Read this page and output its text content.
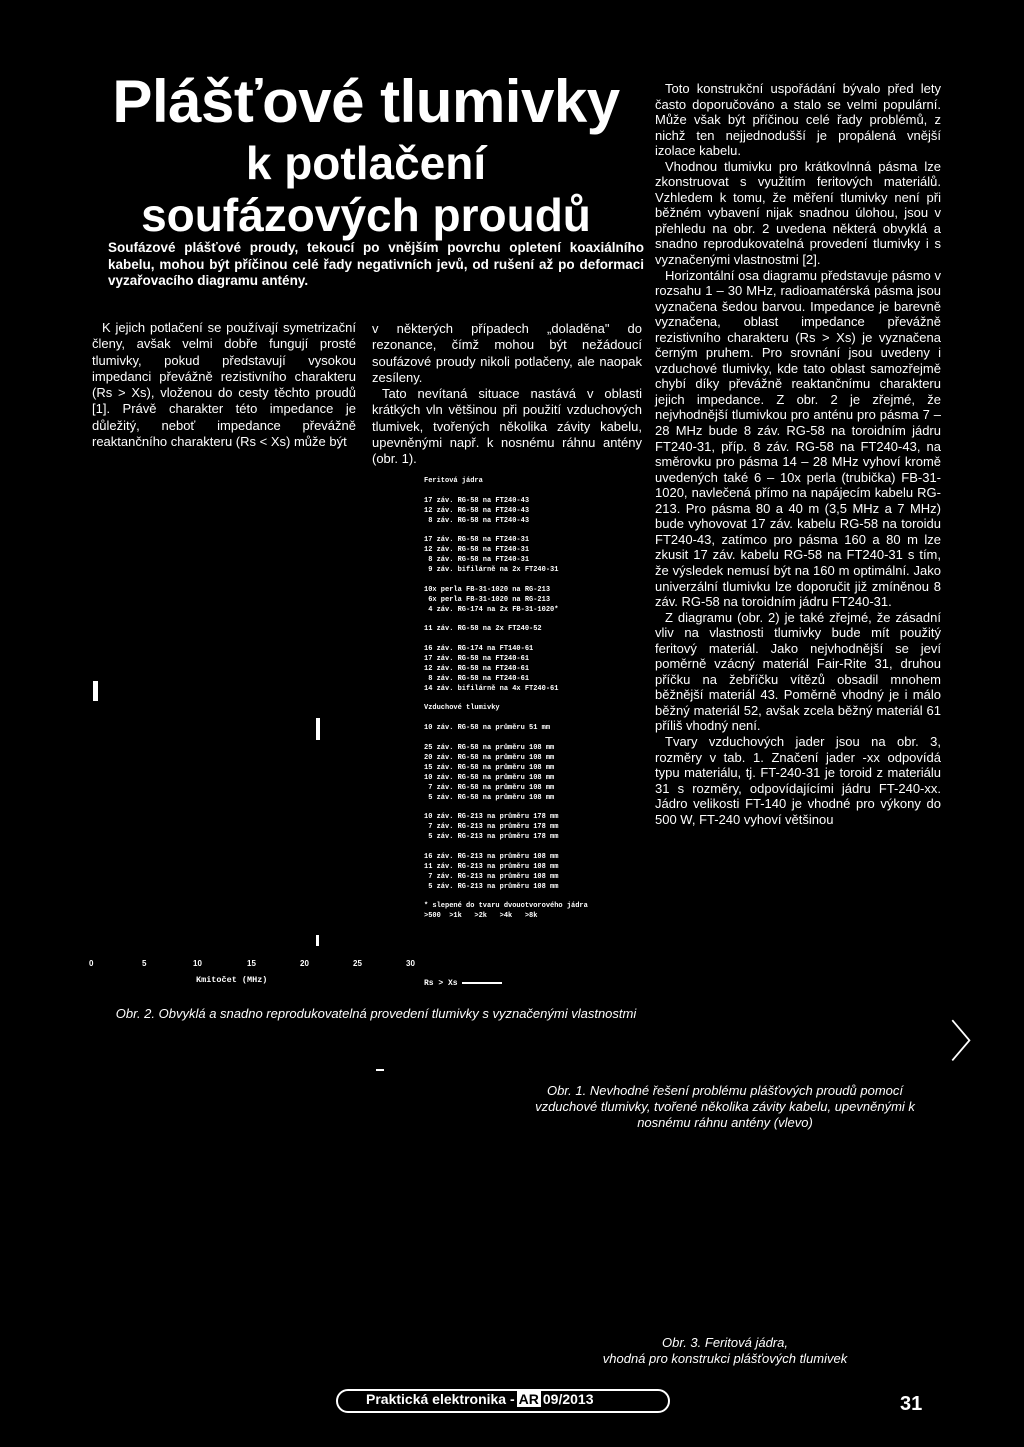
Plášťové tlumivky
k potlačení
soufázových proudů
Soufázové plášťové proudy, tekoucí po vnějším povrchu opletení koaxiálního kabelu, mohou být příčinou celé řady negativních jevů, od rušení až po deformaci vyzařovacího diagramu antény.

K jejich potlačení se používají symetrizační členy, avšak velmi dobře fungují prosté tlumivky, pokud představují vysokou impedanci převážně rezistivního charakteru (Rs > Xs), vloženou do cesty těchto proudů [1]. Právě charakter této impedance je důležitý, neboť impedance převážně reaktančního charakteru (Rs < Xs) může být

v některých případech „doladěna" do rezonance, čímž mohou být nežádoucí soufázové proudy nikoli potlačeny, ale naopak zesíleny.

Tato nevítaná situace nastává v oblasti krátkých vln většinou při použití vzduchových tlumivek, tvořených několika závity kabelu, upevněnými např. k nosnému ráhnu antény (obr. 1).

Toto konstrukční uspořádání bývalo před lety často doporučováno a stalo se velmi populární. Může však být příčinou celé řady problémů, z nichž ten nejjednodušší je propálená vnější izolace kabelu.

Vhodnou tlumivku pro krátkovlnná pásma lze zkonstruovat s využitím feritových materiálů. Vzhledem k tomu, že měření tlumivky není při běžném vybavení nijak snadnou úlohou, jsou v přehledu na obr. 2 uvedena některá obvyklá a snadno reprodukovatelná provedení tlumivky i s vyznačenými vlastnostmi [2].

Horizontální osa diagramu představuje pásmo v rozsahu 1 – 30 MHz, radioamatérská pásma jsou vyznačena šedou barvou. Impedance je barevně vyznačena, oblast impedance převážně rezistivního charakteru (Rs > Xs) je vyznačena černým pruhem. Pro srovnání jsou uvedeny i vzduchové tlumivky, kde tato oblast samozřejmě chybí díky převážně reaktančnímu charakteru jejich impedance. Z obr. 2 je zřejmé, že nejvhodnější tlumivkou pro anténu pro pásma 7 – 28 MHz bude 8 záv. RG-58 na toroidním jádru FT240-31, příp. 8 záv. RG-58 na FT240-43, na směrovku pro pásma 14 – 28 MHz vyhoví kromě uvedených také 6 – 10x perla (trubička) FB-31-1020, navlečená přímo na napájecím kabelu RG-213. Pro pásma 80 a 40 m (3,5 MHz a 7 MHz) bude vyhovovat 17 záv. kabelu RG-58 na toroidu FT240-43, zatímco pro pásma 160 a 80 m lze zkusit 17 záv. kabelu RG-58 na FT240-31 s tím, že výsledek nemusí být na 160 m optimální. Jako univerzální tlumivku lze doporučit již zmíněnou 8 záv. RG-58 na toroidním jádru FT240-31.

Z diagramu (obr. 2) je také zřejmé, že zásadní vliv na vlastnosti tlumivky bude mít použitý feritový materiál. Jako nejvhodnější se jeví poměrně vzácný materiál Fair-Rite 31, druhou příčku na žebříčku vítězů obsadil mnohem běžnější materiál 43. Poměrně vhodný je i málo běžný materiál 52, avšak zcela běžný materiál 61 příliš vhodný není.

Tvary vzduchových jader jsou na obr. 3, rozměry v tab. 1. Značení jader -xx odpovídá typu materiálu, tj. FT-240-31 je toroid z materiálu 31 s rozměry, odpovídajícími jádru FT-240-xx. Jádro velikosti FT-140 je vhodné pro výkony do 500 W, FT-240 vyhoví většinou

Feritová jádra
17 záv. RG-58 na FT240-43
12 záv. RG-58 na FT240-43
8 záv. RG-58 na FT240-43
17 záv. RG-58 na FT240-31
12 záv. RG-58 na FT240-31
8 záv. RG-58 na FT240-31
9 záv. bifilárně na 2x FT240-31
10x perla FB-31-1020 na RG-213
6x perla FB-31-1020 na RG-213
4 záv. RG-174 na 2x FB-31-1020*
11 záv. RG-58 na 2x FT240-52
16 záv. RG-174 na FT140-61
17 záv. RG-58 na FT240-61
12 záv. RG-58 na FT240-61
8 záv. RG-58 na FT240-61
14 záv. bifilárně na 4x FT240-61
Vzduchové tlumivky
10 záv. RG-58 na průměru 51 mm
25 záv. RG-58 na průměru 108 mm
20 záv. RG-58 na průměru 108 mm
15 záv. RG-58 na průměru 108 mm
10 záv. RG-58 na průměru 108 mm
7 záv. RG-58 na průměru 108 mm
5 záv. RG-58 na průměru 108 mm
10 záv. RG-213 na průměru 178 mm
7 záv. RG-213 na průměru 178 mm
5 záv. RG-213 na průměru 178 mm
16 záv. RG-213 na průměru 108 mm
11 záv. RG-213 na průměru 108 mm
7 záv. RG-213 na průměru 108 mm
5 záv. RG-213 na průměru 108 mm
* slepené do tvaru dvouotvorového jádra
>500  >1k   >2k   >4k   >8k
0	5	10	15	20	25	30
Kmitočet (MHz)	Rs > Xs
Obr. 2. Obvyklá a snadno reprodukovatelná provedení tlumivky s vyznačenými vlastnostmi
〉
Obr. 1. Nevhodné řešení problému plášťových proudů pomocí vzduchové tlumivky, tvořené několika závity kabelu, upevněnými k nosnému ráhnu antény (vlevo)
Obr. 3. Feritová jádra,
vhodná pro konstrukci plášťových tlumivek
Praktická elektronika - AR 09/2013	31
